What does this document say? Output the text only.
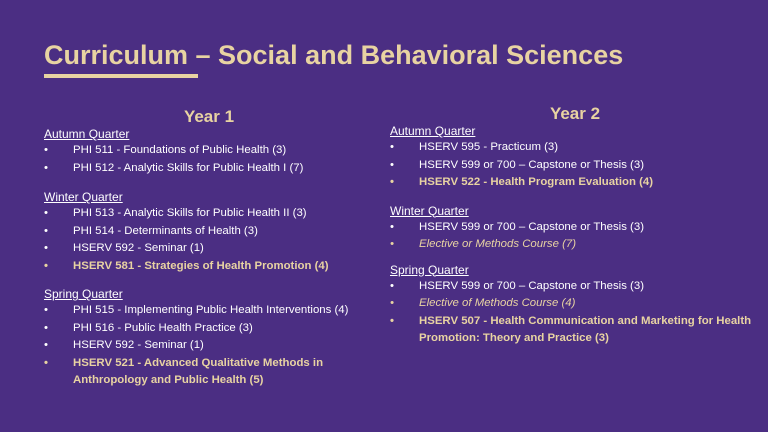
Curriculum – Social and Behavioral Sciences
Year 1
Autumn Quarter
• PHI 511 - Foundations of Public Health (3)
• PHI 512 - Analytic Skills for Public Health I (7)
Winter Quarter
• PHI 513 - Analytic Skills for Public Health II (3)
• PHI 514 - Determinants of Health (3)
• HSERV 592 - Seminar (1)
• HSERV 581 - Strategies of Health Promotion (4)
Spring Quarter
• PHI 515 - Implementing Public Health Interventions (4)
• PHI 516 - Public Health Practice (3)
• HSERV 592 - Seminar (1)
• HSERV 521 - Advanced Qualitative Methods in Anthropology and Public Health (5)
Year 2
Autumn Quarter
• HSERV 595 - Practicum (3)
• HSERV 599 or 700 – Capstone or Thesis (3)
• HSERV 522 - Health Program Evaluation (4)
Winter Quarter
• HSERV 599 or 700 – Capstone or Thesis (3)
• Elective or Methods Course (7)
Spring Quarter
• HSERV 599 or 700 – Capstone or Thesis (3)
• Elective of Methods Course (4)
• HSERV 507 - Health Communication and Marketing for Health Promotion: Theory and Practice (3)
